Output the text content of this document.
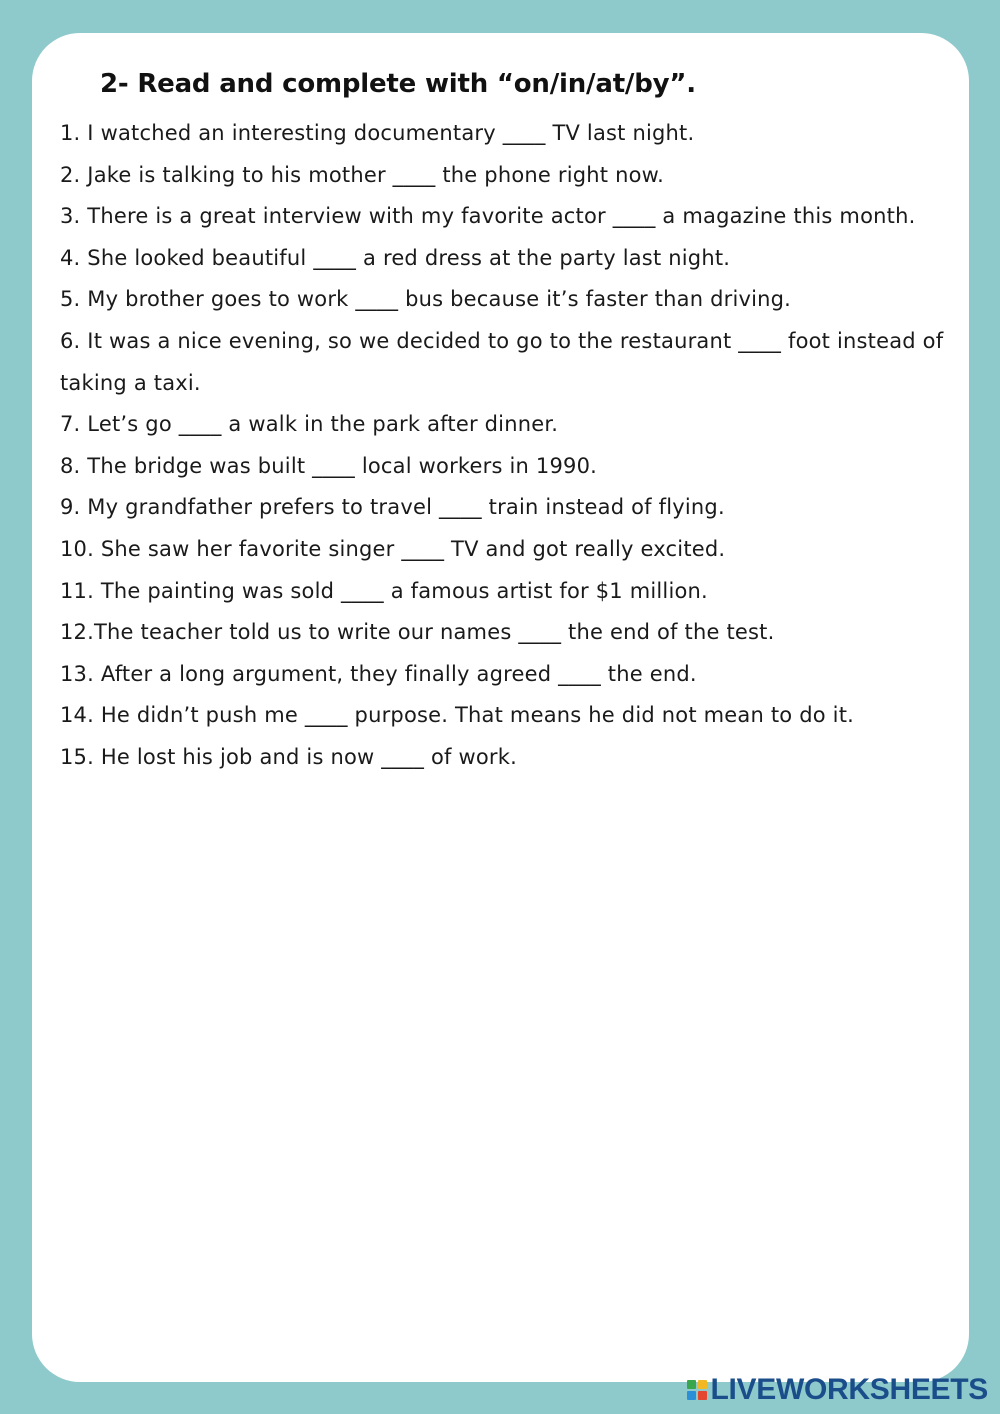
2- Read and complete with “on/in/at/by”.
1. I watched an interesting documentary ____ TV last night.
2. Jake is talking to his mother ____ the phone right now.
3. There is a great interview with my favorite actor ____ a magazine this month.
4. She looked beautiful ____ a red dress at the party last night.
5. My brother goes to work ____ bus because it’s faster than driving.
6. It was a nice evening, so we decided to go to the restaurant ____ foot instead of taking a taxi.
7. Let’s go ____ a walk in the park after dinner.
8. The bridge was built ____ local workers in 1990.
9. My grandfather prefers to travel ____ train instead of flying.
10. She saw her favorite singer ____ TV and got really excited.
11. The painting was sold ____ a famous artist for $1 million.
12.The teacher told us to write our names ____ the end of the test.
13. After a long argument, they finally agreed ____ the end.
14. He didn’t push me ____ purpose. That means he did not mean to do it.
15. He lost his job and is now ____ of work.
LIVEWORKSHEETS
